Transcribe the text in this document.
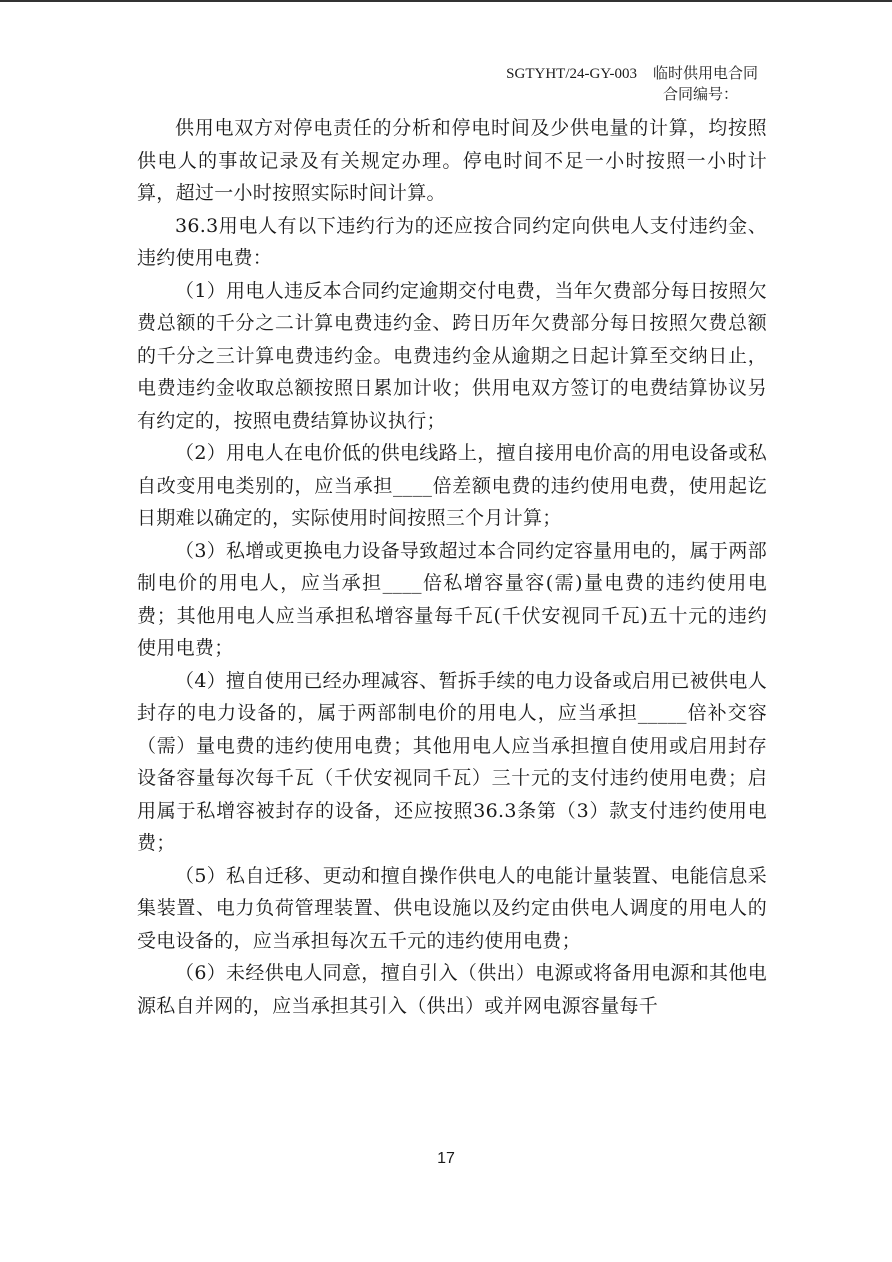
SGTYHT/24-GY-003 临时供用电合同
合同编号：

供用电双方对停电责任的分析和停电时间及少供电量的计算，均按照供电人的事故记录及有关规定办理。停电时间不足一小时按照一小时计算，超过一小时按照实际时间计算。

36.3用电人有以下违约行为的还应按合同约定向供电人支付违约金、违约使用电费：

（1）用电人违反本合同约定逾期交付电费，当年欠费部分每日按照欠费总额的千分之二计算电费违约金、跨日历年欠费部分每日按照欠费总额的千分之三计算电费违约金。电费违约金从逾期之日起计算至交纳日止，电费违约金收取总额按照日累加计收；供用电双方签订的电费结算协议另有约定的，按照电费结算协议执行；

（2）用电人在电价低的供电线路上，擅自接用电价高的用电设备或私自改变用电类别的，应当承担____倍差额电费的违约使用电费，使用起讫日期难以确定的，实际使用时间按照三个月计算；

（3）私增或更换电力设备导致超过本合同约定容量用电的，属于两部制电价的用电人，应当承担____倍私增容量容(需)量电费的违约使用电费；其他用电人应当承担私增容量每千瓦(千伏安视同千瓦)五十元的违约使用电费；

（4）擅自使用已经办理减容、暂拆手续的电力设备或启用已被供电人封存的电力设备的，属于两部制电价的用电人，应当承担_____倍补交容（需）量电费的违约使用电费；其他用电人应当承担擅自使用或启用封存设备容量每次每千瓦（千伏安视同千瓦）三十元的支付违约使用电费；启用属于私增容被封存的设备，还应按照36.3条第（3）款支付违约使用电费；

（5）私自迁移、更动和擅自操作供电人的电能计量装置、电能信息采集装置、电力负荷管理装置、供电设施以及约定由供电人调度的用电人的受电设备的，应当承担每次五千元的违约使用电费；

（6）未经供电人同意，擅自引入（供出）电源或将备用电源和其他电源私自并网的，应当承担其引入（供出）或并网电源容量每千

17
